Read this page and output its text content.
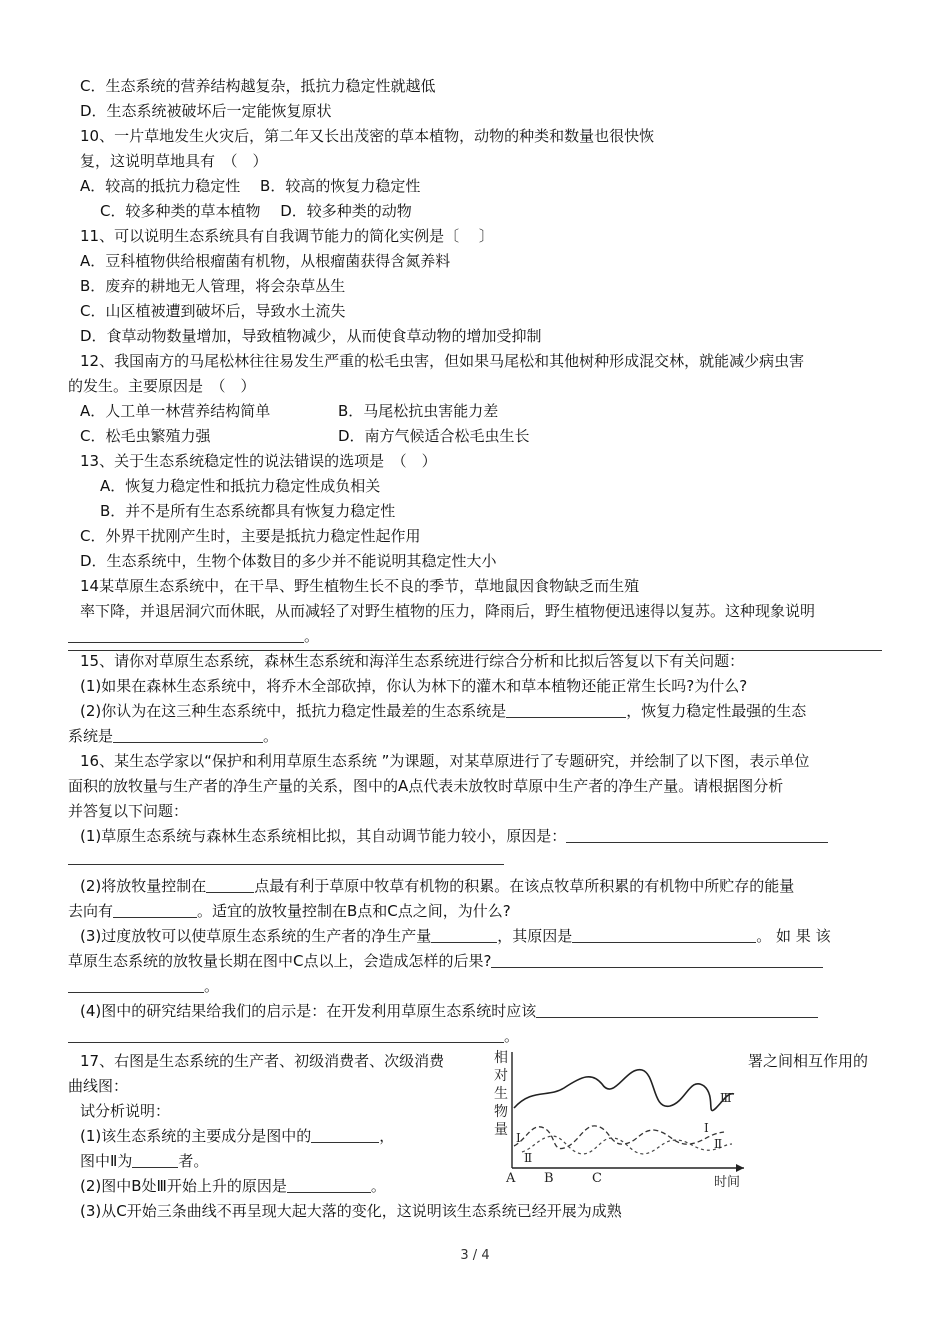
C．生态系统的营养结构越复杂，抵抗力稳定性就越低
D．生态系统被破坏后一定能恢复原状
10、一片草地发生火灾后，第二年又长出茂密的草本植物，动物的种类和数量也很快恢
复，这说明草地具有　（　）
A．较高的抵抗力稳定性　 B．较高的恢复力稳定性
C．较多种类的草本植物　 D．较多种类的动物
11、可以说明生态系统具有自我调节能力的简化实例是〔　 〕
A．豆科植物供给根瘤菌有机物，从根瘤菌获得含氮养料
B．废弃的耕地无人管理，将会杂草丛生
C．山区植被遭到破坏后，导致水土流失
D．食草动物数量增加，导致植物减少，从而使食草动物的增加受抑制
12、我国南方的马尾松林往往易发生严重的松毛虫害，但如果马尾松和其他树种形成混交林，就能减少病虫害
的发生。主要原因是　（　）
A．人工单一林营养结构简单	B．马尾松抗虫害能力差
C．松毛虫繁殖力强	D．南方气候适合松毛虫生长
13、关于生态系统稳定性的说法错误的选项是　（　）
A．恢复力稳定性和抵抗力稳定性成负相关
B．并不是所有生态系统都具有恢复力稳定性
C．外界干扰刚产生时，主要是抵抗力稳定性起作用
D．生态系统中，生物个体数目的多少并不能说明其稳定性大小
14某草原生态系统中，在干旱、野生植物生长不良的季节，草地鼠因食物缺乏而生殖
率下降，并退居洞穴而休眠，从而减轻了对野生植物的压力，降雨后，野生植物便迅速得以复苏。这种现象说明
。
15、请你对草原生态系统，森林生态系统和海洋生态系统进行综合分析和比拟后答复以下有关问题：
(1)如果在森林生态系统中，将乔木全部砍掉，你认为林下的灌木和草本植物还能正常生长吗?为什么?
(2)你认为在这三种生态系统中，抵抗力稳定性最差的生态系统是	，恢复力稳定性最强的生态
系统是	。
16、某生态学家以“保护和利用草原生态系统 ”为课题，对某草原进行了专题研究，并绘制了以下图，表示单位
面积的放牧量与生产者的净生产量的关系，图中的A点代表未放牧时草原中生产者的净生产量。请根据图分析
并答复以下问题：
(1)草原生态系统与森林生态系统相比拟，其自动调节能力较小，原因是：
(2)将放牧量控制在	点最有利于草原中牧草有机物的积累。在该点牧草所积累的有机物中所贮存的能量
去向有	。适宜的放牧量控制在B点和C点之间，为什么?
(3)过度放牧可以使草原生态系统的生产者的净生产量	，其原因是	。 如 果 该
草原生态系统的放牧量长期在图中C点以上，会造成怎样的后果?
。
(4)图中的研究结果给我们的启示是：在开发利用草原生态系统时应该
。
17、右图是生态系统的生产者、初级消费者、次级消费	署之间相互作用的
曲线图：
试分析说明：
(1)该生态系统的主要成分是图中的	，
图中Ⅱ为	者。
(2)图中B处Ⅲ开始上升的原因是	。
(3)从C开始三条曲线不再呈现大起大落的变化，这说明该生态系统已经开展为成熟
相
对
生
物
量
Ⅲ
Ⅰ
Ⅱ
Ⅰ
Ⅱ
A B	C	时间
3 / 4
